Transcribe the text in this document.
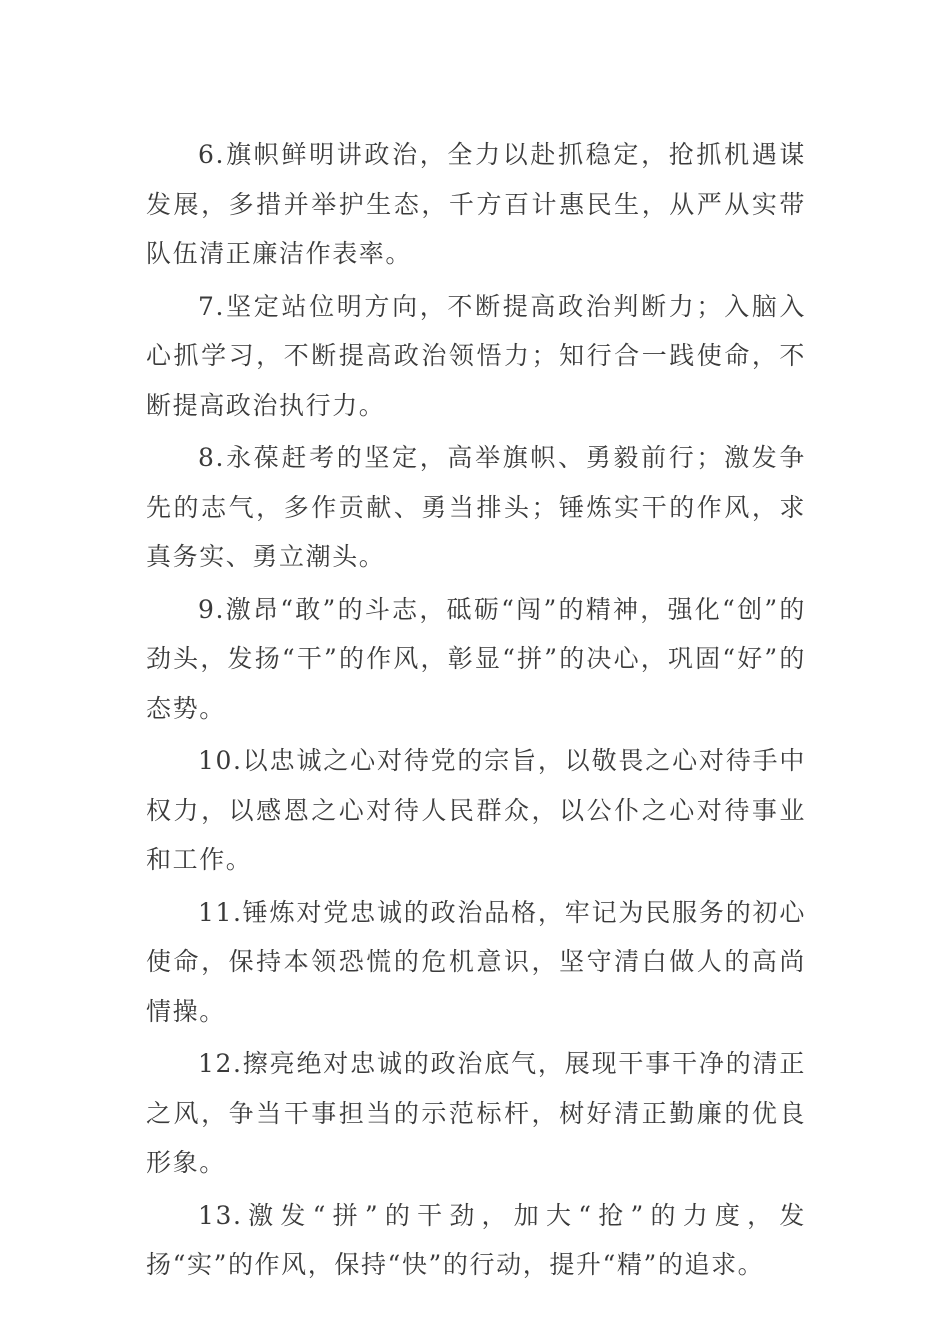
6.旗帜鲜明讲政治，全力以赴抓稳定，抢抓机遇谋发展，多措并举护生态，千方百计惠民生，从严从实带队伍清正廉洁作表率。

7.坚定站位明方向，不断提高政治判断力；入脑入心抓学习，不断提高政治领悟力；知行合一践使命，不断提高政治执行力。

8.永葆赶考的坚定，高举旗帜、勇毅前行；激发争先的志气，多作贡献、勇当排头；锤炼实干的作风，求真务实、勇立潮头。

9.激昂“敢”的斗志，砥砺“闯”的精神，强化“创”的劲头，发扬“干”的作风，彰显“拼”的决心，巩固“好”的态势。

10.以忠诚之心对待党的宗旨，以敬畏之心对待手中权力，以感恩之心对待人民群众，以公仆之心对待事业和工作。

11.锤炼对党忠诚的政治品格，牢记为民服务的初心使命，保持本领恐慌的危机意识，坚守清白做人的高尚情操。

12.擦亮绝对忠诚的政治底气，展现干事干净的清正之风，争当干事担当的示范标杆，树好清正勤廉的优良形象。

13.激发“拼”的干劲，加大“抢”的力度，发扬“实”的作风，保持“快”的行动，提升“精”的追求。
